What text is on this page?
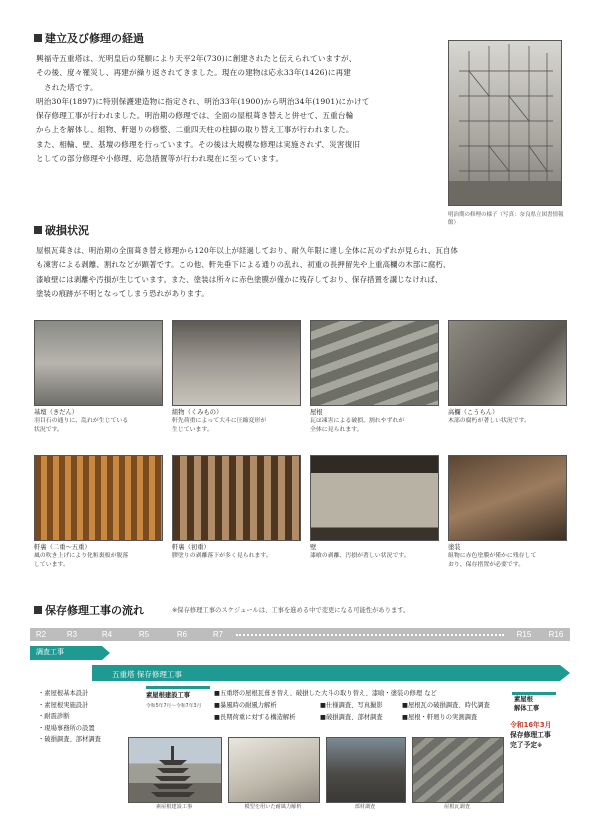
建立及び修理の経過
興福寺五重塔は、光明皇后の発願により天平2年(730)に創建されたと伝えられていますが、
その後、度々罹災し、再建が繰り返されてきました。現在の建物は応永33年(1426)に再建
された塔です。
明治30年(1897)に特別保護建造物に指定され、明治33年(1900)から明治34年(1901)にかけて
保存修理工事が行われました。明治期の修理では、全面の屋根葺き替えと併せて、五重台輪
から上を解体し、組物、軒廻りの修整、二重四天柱の柱脚の取り替え工事が行われました。
また、相輪、壁、基壇の修理を行っています。その後は大規模な修理は実施されず、災害復旧
としての部分修理や小修理、応急措置等が行われ現在に至っています。
明治期の修理の様子（写真：奈良県立図書情報館）
破損状況
屋根瓦葺きは、明治期の全面葺き替え修理から120年以上が経過しており、耐久年限に達し全体に瓦のずれが見られ、瓦自体
も凍害による剥離、割れなどが顕著です。この他、軒先垂下による通りの乱れ、初重の長押留先や上重高欄の木部に腐朽、
漆喰壁には剥離や汚損が生じています。また、塗装は所々に赤色塗膜が僅かに残存しており、保存措置を講じなければ、
塗装の痕跡が不明となってしまう恐れがあります。
基壇（きだん）
羽目石の通りに、乱れが生じている
状況です。
組物（くみもの）
軒先荷重によって大斗に圧縮変形が
生じています。
屋根
瓦は凍害による破損、割れやずれが
全体に見られます。
高欄（こうらん）
木部の腐朽が著しい状況です。
軒裏（二重〜五重）
風の吹き上げにより化粧裏板が脱落
しています。
軒裏（初重）
膠塗りの剥離落下が多く見られます。
壁
漆喰の剥離、汚損が著しい状況です。
塗装
組物に赤色塗膜が僅かに残存して
おり、保存措置が必要です。
保存修理工事の流れ	※保存修理工事のスケジュールは、工事を進める中で変更になる可能性があります。
R2	R3	R4	R5	R6	R7	R15	R16
調査工事
五重塔 保存修理工事
・素屋根基本設計
・素屋根実施設計
・耐震診断
・現場事務所の設置
・破損調査、部材調査
素屋根建設工事
令和5年7月〜令和7年3月
■五重塔の屋根瓦葺き替え、破損した大斗の取り替え、漆喰・塗装の修理 など
■暴風時の耐風力解析
■長期荷重に対する構造解析
■仕様調査、写真撮影
■破損調査、部材調査
■屋根瓦の破損調査、時代調査
■屋根・軒廻りの実測調査
素屋根
解体工事
令和16年3月
保存修理工事
完了予定※
素屋根建設工事	模型を用いた耐風力解析	部材調査	屋根瓦調査
